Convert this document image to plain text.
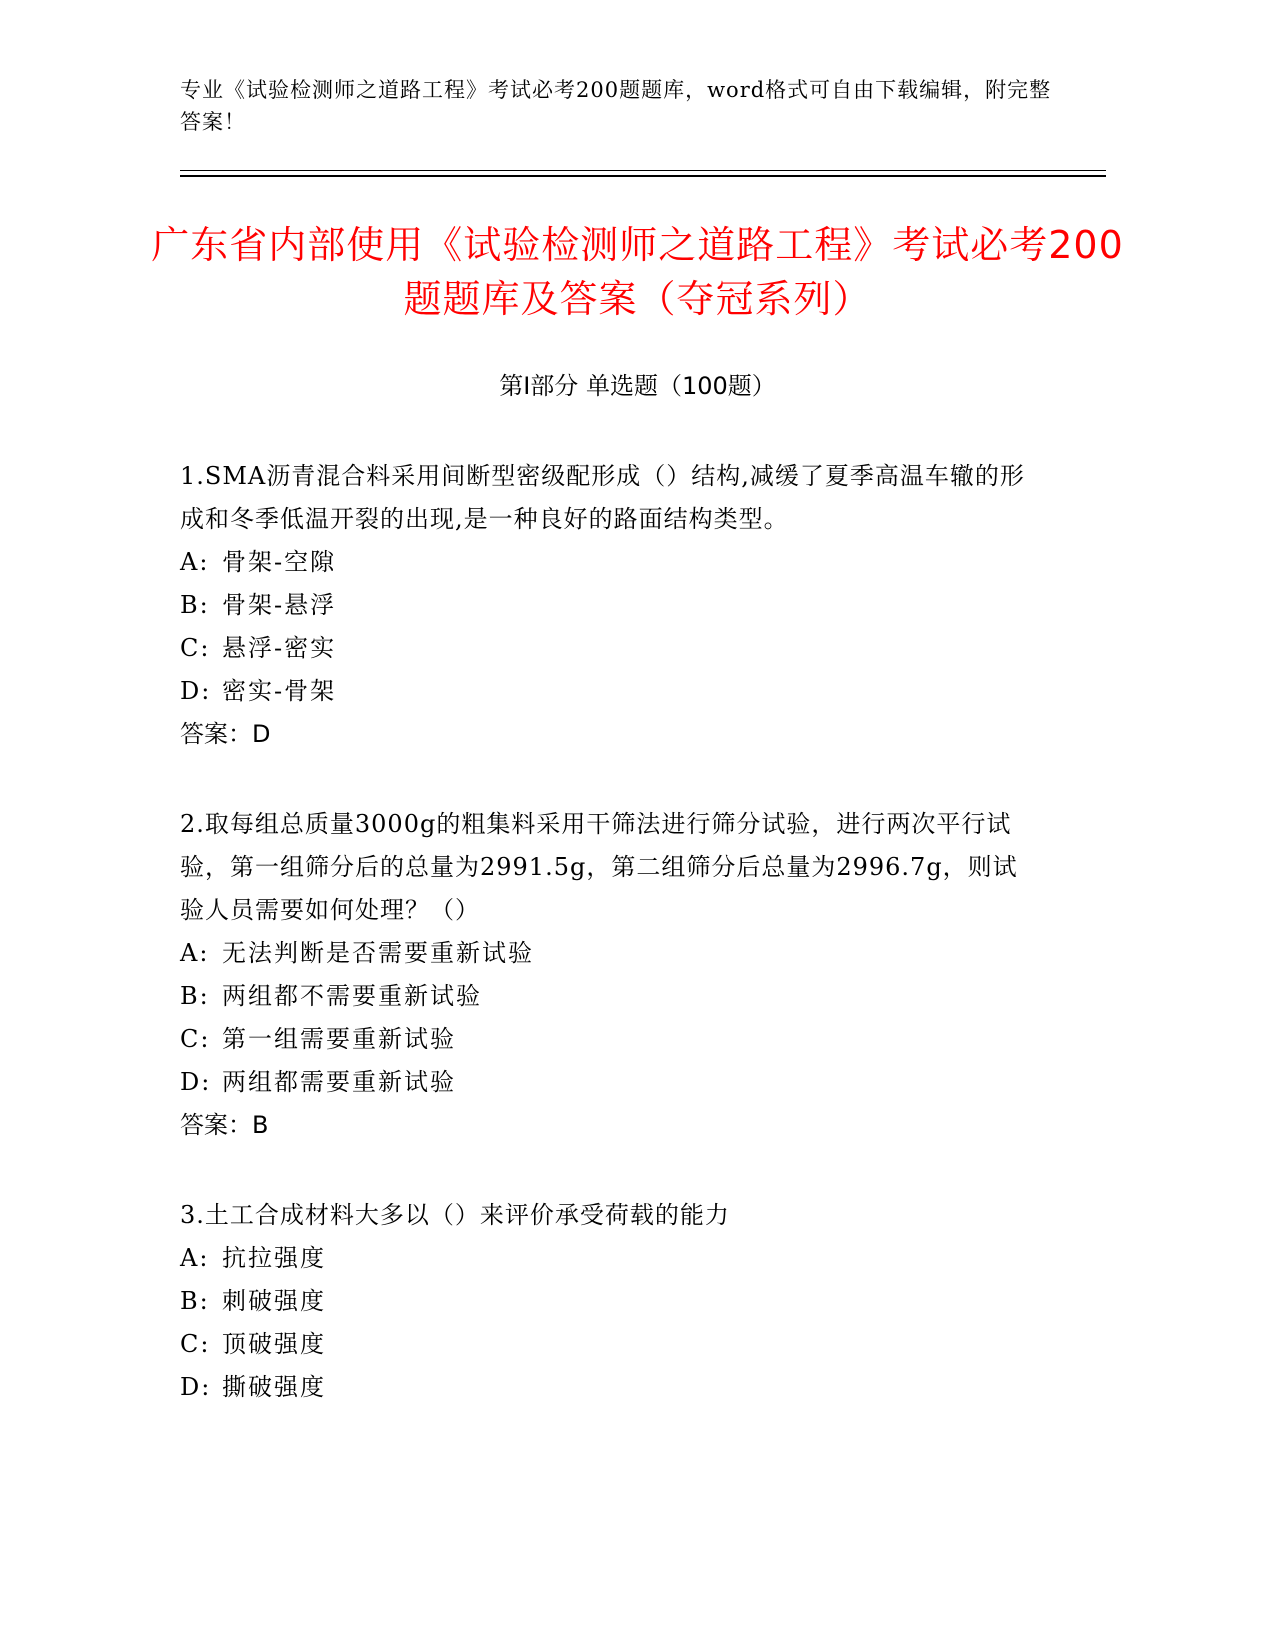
专业《试验检测师之道路工程》考试必考200题题库，word格式可自由下载编辑，附完整答案！
广东省内部使用《试验检测师之道路工程》考试必考200题题库及答案（夺冠系列）
第Ⅰ部分 单选题（100题）
1.SMA沥青混合料采用间断型密级配形成（）结构,减缓了夏季高温车辙的形成和冬季低温开裂的出现,是一种良好的路面结构类型。
A: 骨架-空隙
B: 骨架-悬浮
C: 悬浮-密实
D: 密实-骨架
答案：D
2.取每组总质量3000g的粗集料采用干筛法进行筛分试验，进行两次平行试验，第一组筛分后的总量为2991.5g，第二组筛分后总量为2996.7g，则试验人员需要如何处理？（）
A: 无法判断是否需要重新试验
B: 两组都不需要重新试验
C: 第一组需要重新试验
D: 两组都需要重新试验
答案：B
3.土工合成材料大多以（）来评价承受荷载的能力
A: 抗拉强度
B: 刺破强度
C: 顶破强度
D: 撕破强度
